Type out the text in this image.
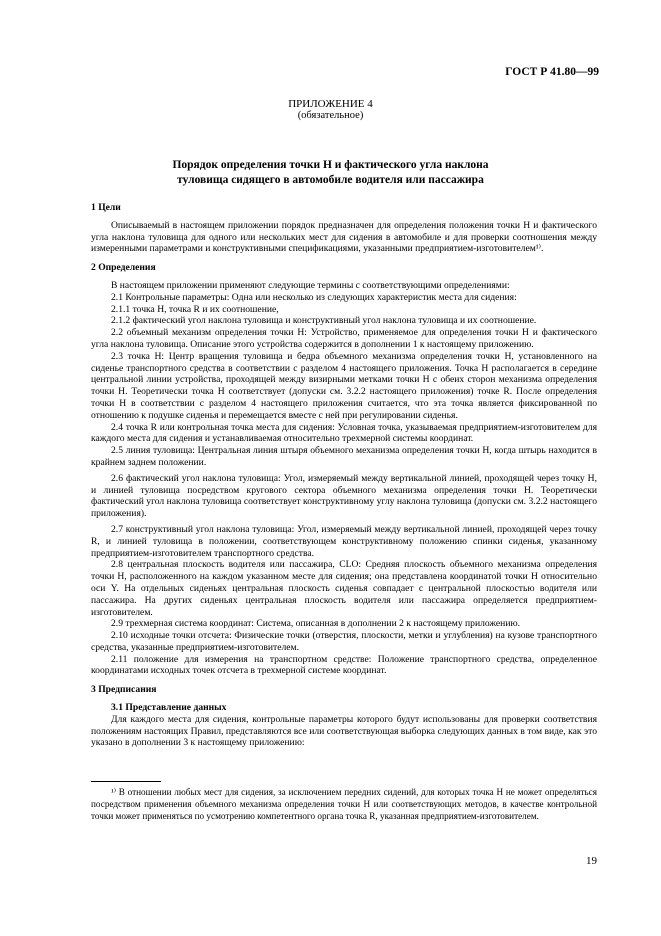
ГОСТ Р 41.80—99
ПРИЛОЖЕНИЕ 4
(обязательное)
Порядок определения точки H и фактического угла наклона
туловища сидящего в автомобиле водителя или пассажира

1 Цели

Описываемый в настоящем приложении порядок предназначен для определения положения точки H и фактического угла наклона туловища для одного или нескольких мест для сидения в автомобиле и для проверки соотношения между измеренными параметрами и конструктивными спецификациями, указанными предприятием-изготовителем¹⁾.

2 Определения

В настоящем приложении применяют следующие термины с соответствующими определениями:

2.1 Контрольные параметры: Одна или несколько из следующих характеристик места для сидения:

2.1.1 точка H, точка R и их соотношение,

2.1.2 фактический угол наклона туловища и конструктивный угол наклона туловища и их соотношение.

2.2 объемный механизм определения точки H: Устройство, применяемое для определения точки H и фактического угла наклона туловища. Описание этого устройства содержится в дополнении 1 к настоящему приложению.

2.3 точка H: Центр вращения туловища и бедра объемного механизма определения точки H, установленного на сиденье транспортного средства в соответствии с разделом 4 настоящего приложения. Точка H располагается в середине центральной линии устройства, проходящей между визирными метками точки H с обеих сторон механизма определения точки H. Теоретически точка H соответствует (допуски см. 3.2.2 настоящего приложения) точке R. После определения точки H в соответствии с разделом 4 настоящего приложения считается, что эта точка является фиксированной по отношению к подушке сиденья и перемещается вместе с ней при регулировании сиденья.

2.4 точка R или контрольная точка места для сидения: Условная точка, указываемая предприятием-изготовителем для каждого места для сидения и устанавливаемая относительно трехмерной системы координат.

2.5 линия туловища: Центральная линия штыря объемного механизма определения точки H, когда штырь находится в крайнем заднем положении.

2.6 фактический угол наклона туловища: Угол, измеряемый между вертикальной линией, проходящей через точку H, и линией туловища посредством кругового сектора объемного механизма определения точки H. Теоретически фактический угол наклона туловища соответствует конструктивному углу наклона туловища (допуски см. 3.2.2 настоящего приложения).

2.7 конструктивный угол наклона туловища: Угол, измеряемый между вертикальной линией, проходящей через точку R, и линией туловища в положении, соответствующем конструктивному положению спинки сиденья, указанному предприятием-изготовителем транспортного средства.

2.8 центральная плоскость водителя или пассажира, CLO: Средняя плоскость объемного механизма определения точки H, расположенного на каждом указанном месте для сидения; она представлена координатой точки H относительно оси Y. На отдельных сиденьях центральная плоскость сиденья совпадает с центральной плоскостью водителя или пассажира. На других сиденьях центральная плоскость водителя или пассажира определяется предприятием-изготовителем.

2.9 трехмерная система координат: Система, описанная в дополнении 2 к настоящему приложению.

2.10 исходные точки отсчета: Физические точки (отверстия, плоскости, метки и углубления) на кузове транспортного средства, указанные предприятием-изготовителем.

2.11 положение для измерения на транспортном средстве: Положение транспортного средства, определенное координатами исходных точек отсчета в трехмерной системе координат.

3 Предписания

3.1 Представление данных

Для каждого места для сидения, контрольные параметры которого будут использованы для проверки соответствия положениям настоящих Правил, представляются все или соответствующая выборка следующих данных в том виде, как это указано в дополнении 3 к настоящему приложению:

¹⁾ В отношении любых мест для сидения, за исключением передних сидений, для которых точка H не может определяться посредством применения объемного механизма определения точки H или соответствующих методов, в качестве контрольной точки может применяться по усмотрению компетентного органа точка R, указанная предприятием-изготовителем.

19
